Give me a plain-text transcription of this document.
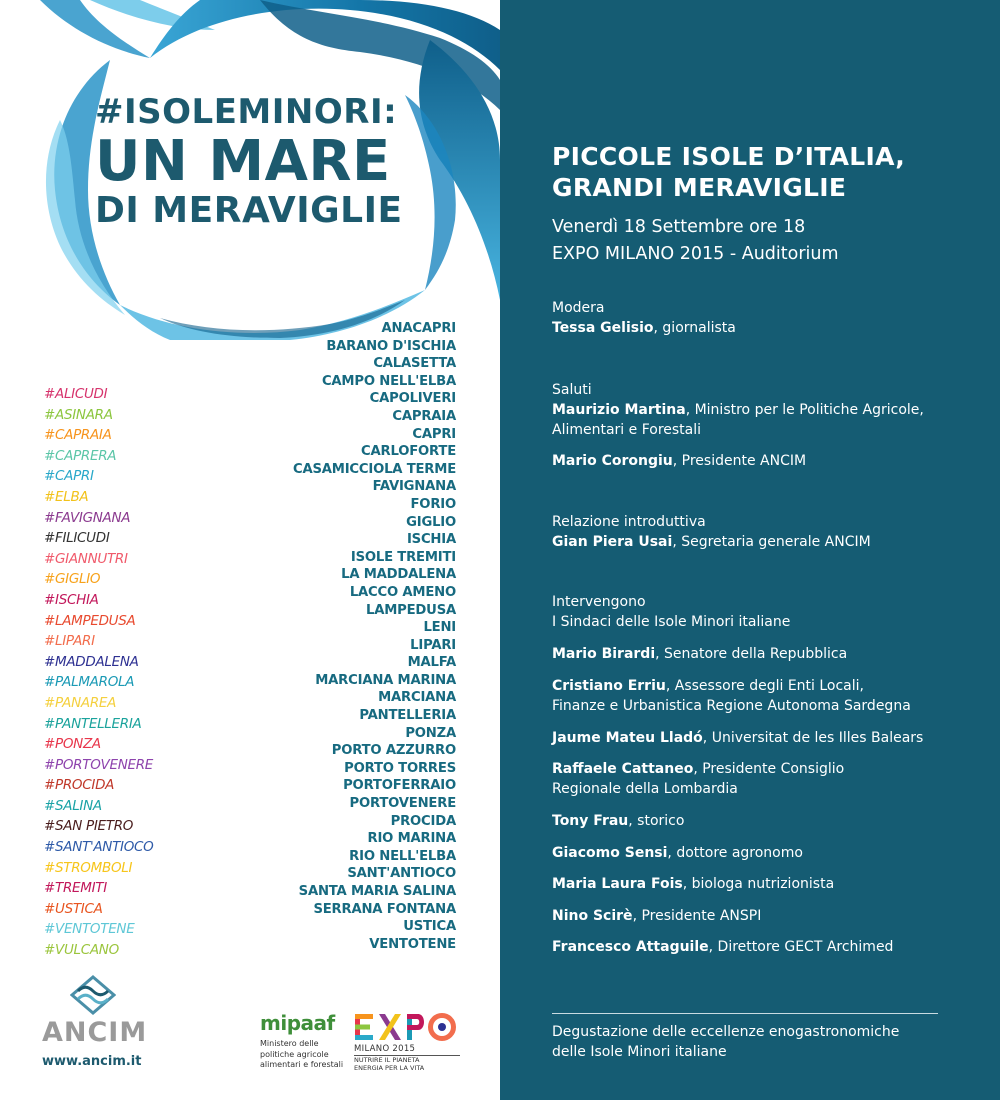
#ISOLEMINORI:
UN MARE
DI MERAVIGLIE
#ALICUDI
#ASINARA
#CAPRAIA
#CAPRERA
#CAPRI
#ELBA
#FAVIGNANA
#FILICUDI
#GIANNUTRI
#GIGLIO
#ISCHIA
#LAMPEDUSA
#LIPARI
#MADDALENA
#PALMAROLA
#PANAREA
#PANTELLERIA
#PONZA
#PORTOVENERE
#PROCIDA
#SALINA
#SAN PIETRO
#SANT'ANTIOCO
#STROMBOLI
#TREMITI
#USTICA
#VENTOTENE
#VULCANO
ANACAPRI
BARANO D'ISCHIA
CALASETTA
CAMPO NELL'ELBA
CAPOLIVERI
CAPRAIA
CAPRI
CARLOFORTE
CASAMICCIOLA TERME
FAVIGNANA
FORIO
GIGLIO
ISCHIA
ISOLE TREMITI
LA MADDALENA
LACCO AMENO
LAMPEDUSA
LENI
LIPARI
MALFA
MARCIANA MARINA
MARCIANA
PANTELLERIA
PONZA
PORTO AZZURRO
PORTO TORRES
PORTOFERRAIO
PORTOVENERE
PROCIDA
RIO MARINA
RIO NELL'ELBA
SANT'ANTIOCO
SANTA MARIA SALINA
SERRANA FONTANA
USTICA
VENTOTENE
ANCIM
www.ancim.it
mipaaf
Ministero delle
politiche agricole
alimentari e forestali
MILANO 2015
NUTRIRE IL PIANETA
ENERGIA PER LA VITA
PICCOLE ISOLE D’ITALIA,
GRANDI MERAVIGLIE
Venerdì 18 Settembre ore 18
EXPO MILANO 2015 - Auditorium
Modera
Tessa Gelisio, giornalista
Saluti
Maurizio Martina, Ministro per le Politiche Agricole,
Alimentari e Forestali
Mario Corongiu, Presidente ANCIM
Relazione introduttiva
Gian Piera Usai, Segretaria generale ANCIM
Intervengono
I Sindaci delle Isole Minori italiane
Mario Birardi, Senatore della Repubblica
Cristiano Erriu, Assessore degli Enti Locali,
Finanze e Urbanistica Regione Autonoma Sardegna
Jaume Mateu Lladó, Universitat de les Illes Balears
Raffaele Cattaneo, Presidente Consiglio
Regionale della Lombardia
Tony Frau, storico
Giacomo Sensi, dottore agronomo
Maria Laura Fois, biologa nutrizionista
Nino Scirè, Presidente ANSPI
Francesco Attaguile, Direttore GECT Archimed
Degustazione delle eccellenze enogastronomiche
delle Isole Minori italiane
